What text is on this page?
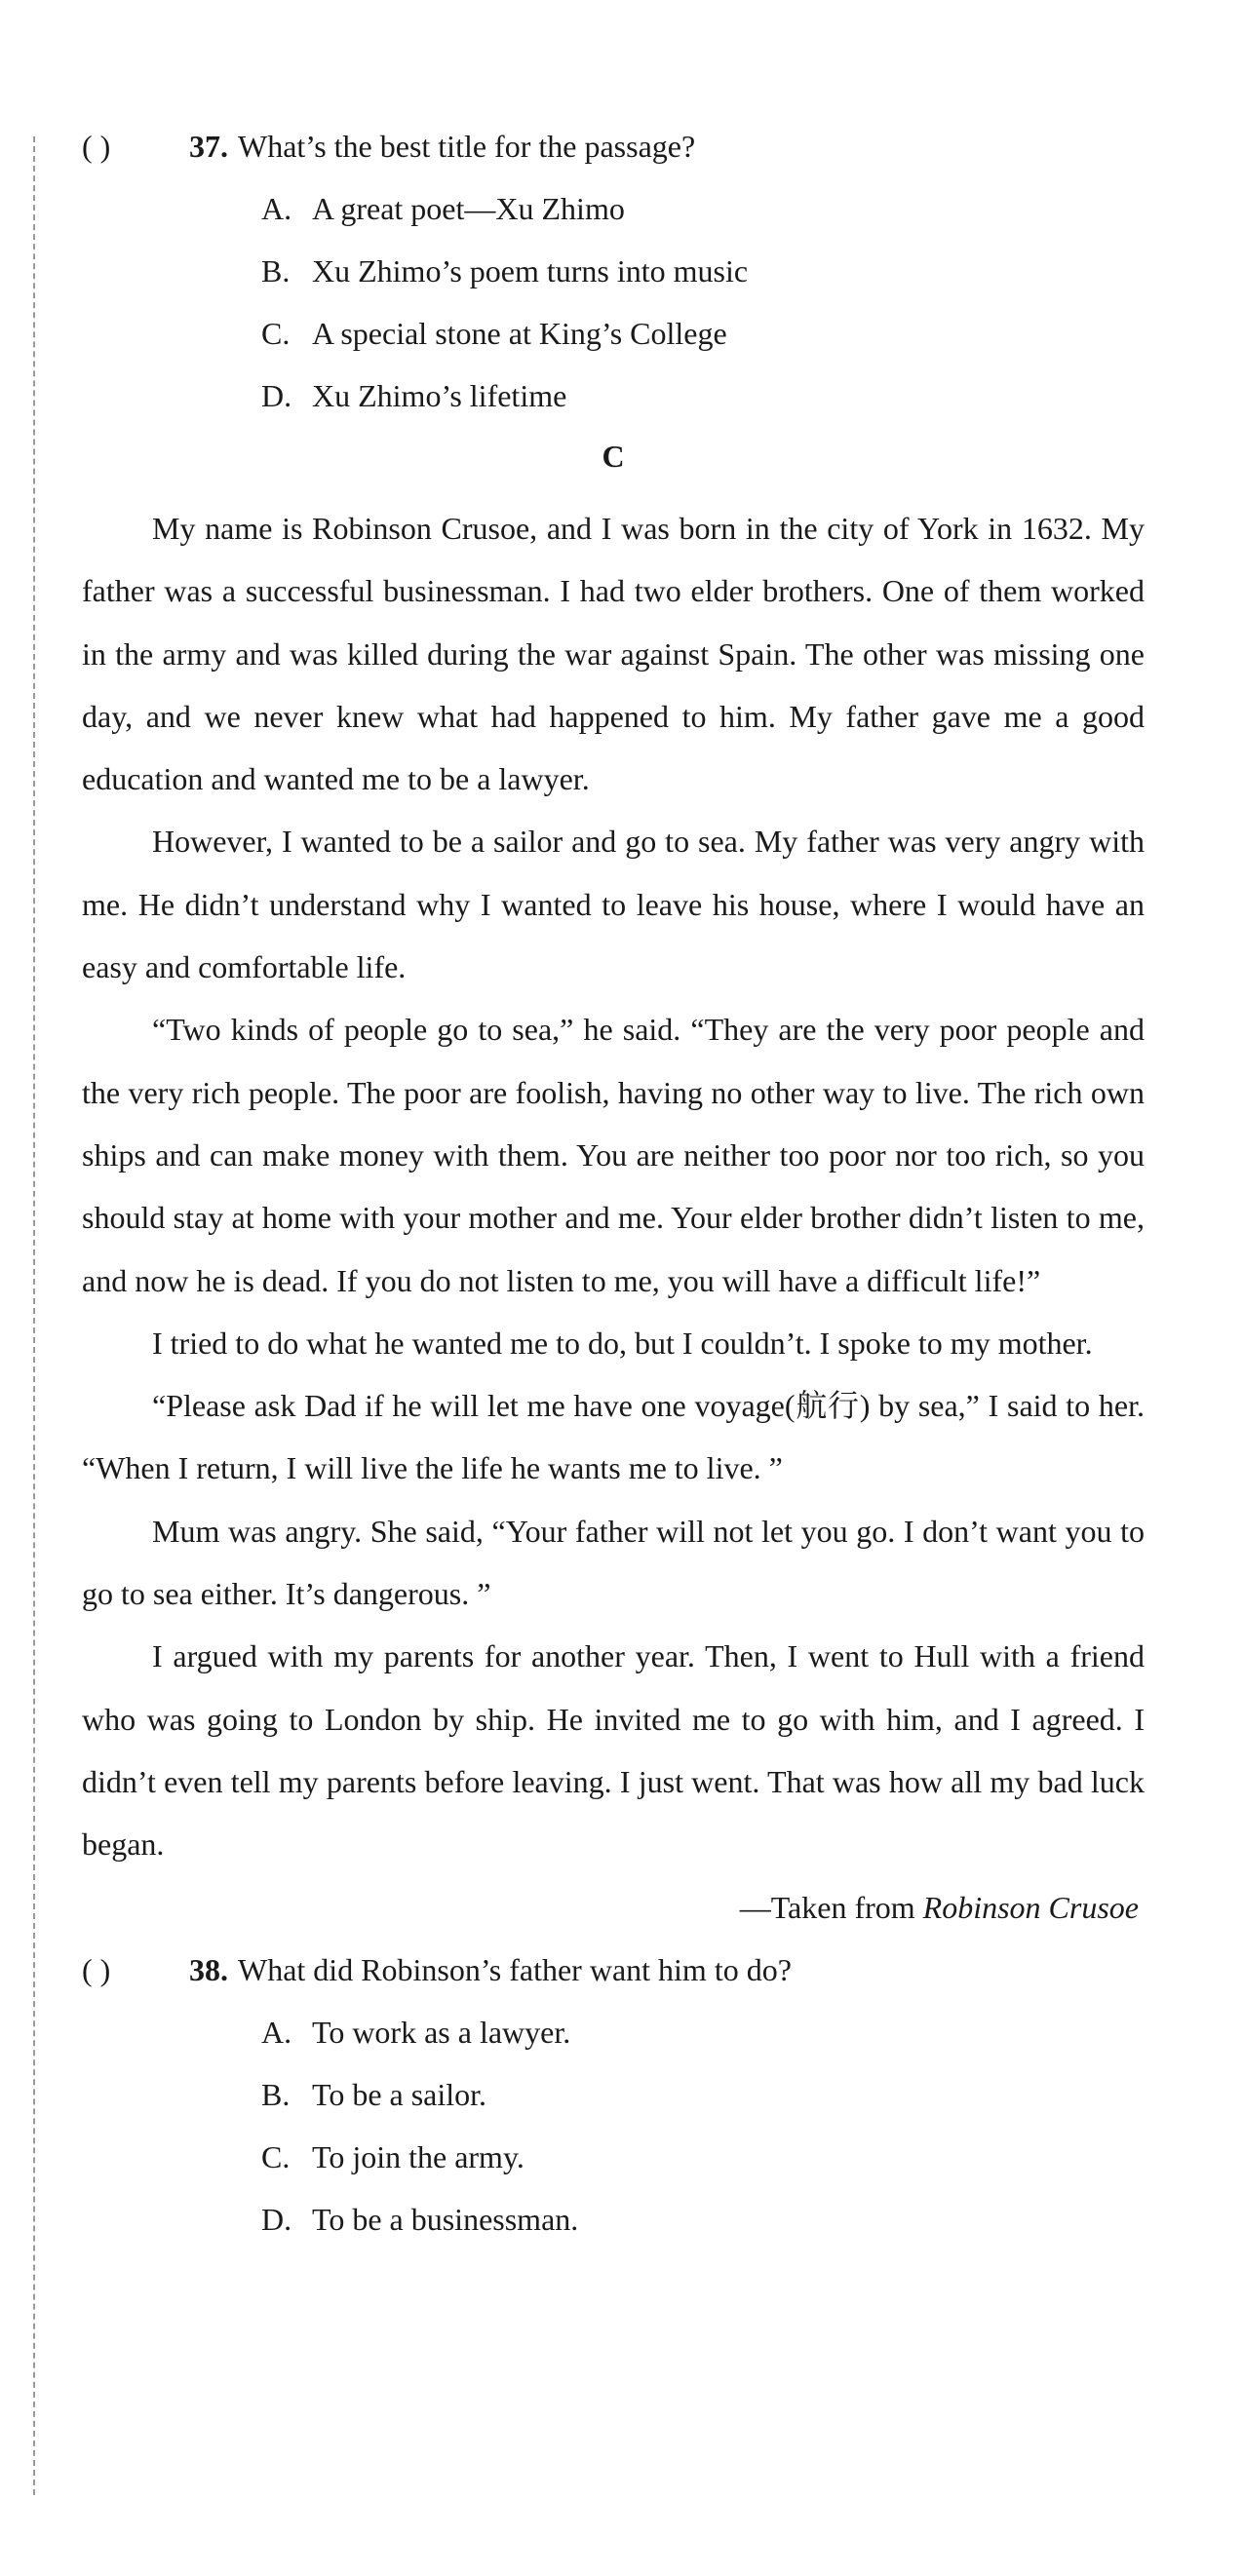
( )	37. What’s the best title for the passage?
A. A great poet—Xu Zhimo
B. Xu Zhimo’s poem turns into music
C. A special stone at King’s College
D. Xu Zhimo’s lifetime
C

My name is Robinson Crusoe, and I was born in the city of York in 1632. My father was a successful businessman. I had two elder brothers. One of them worked in the army and was killed during the war against Spain. The other was missing one day, and we never knew what had happened to him. My father gave me a good education and wanted me to be a lawyer.

However, I wanted to be a sailor and go to sea. My father was very angry with me. He didn’t understand why I wanted to leave his house, where I would have an easy and comfortable life.

“Two kinds of people go to sea,” he said. “They are the very poor people and the very rich people. The poor are foolish, having no other way to live. The rich own ships and can make money with them. You are neither too poor nor too rich, so you should stay at home with your mother and me. Your elder brother didn’t listen to me, and now he is dead. If you do not listen to me, you will have a difficult life!”

I tried to do what he wanted me to do, but I couldn’t. I spoke to my mother.

“Please ask Dad if he will let me have one voyage(航行) by sea,” I said to her. “When I return, I will live the life he wants me to live. ”

Mum was angry. She said, “Your father will not let you go. I don’t want you to go to sea either. It’s dangerous. ”

I argued with my parents for another year. Then, I went to Hull with a friend who was going to London by ship. He invited me to go with him, and I agreed. I didn’t even tell my parents before leaving. I just went. That was how all my bad luck began.

—Taken from Robinson Crusoe
( )	38. What did Robinson’s father want him to do?
A. To work as a lawyer.
B. To be a sailor.
C. To join the army.
D. To be a businessman.
